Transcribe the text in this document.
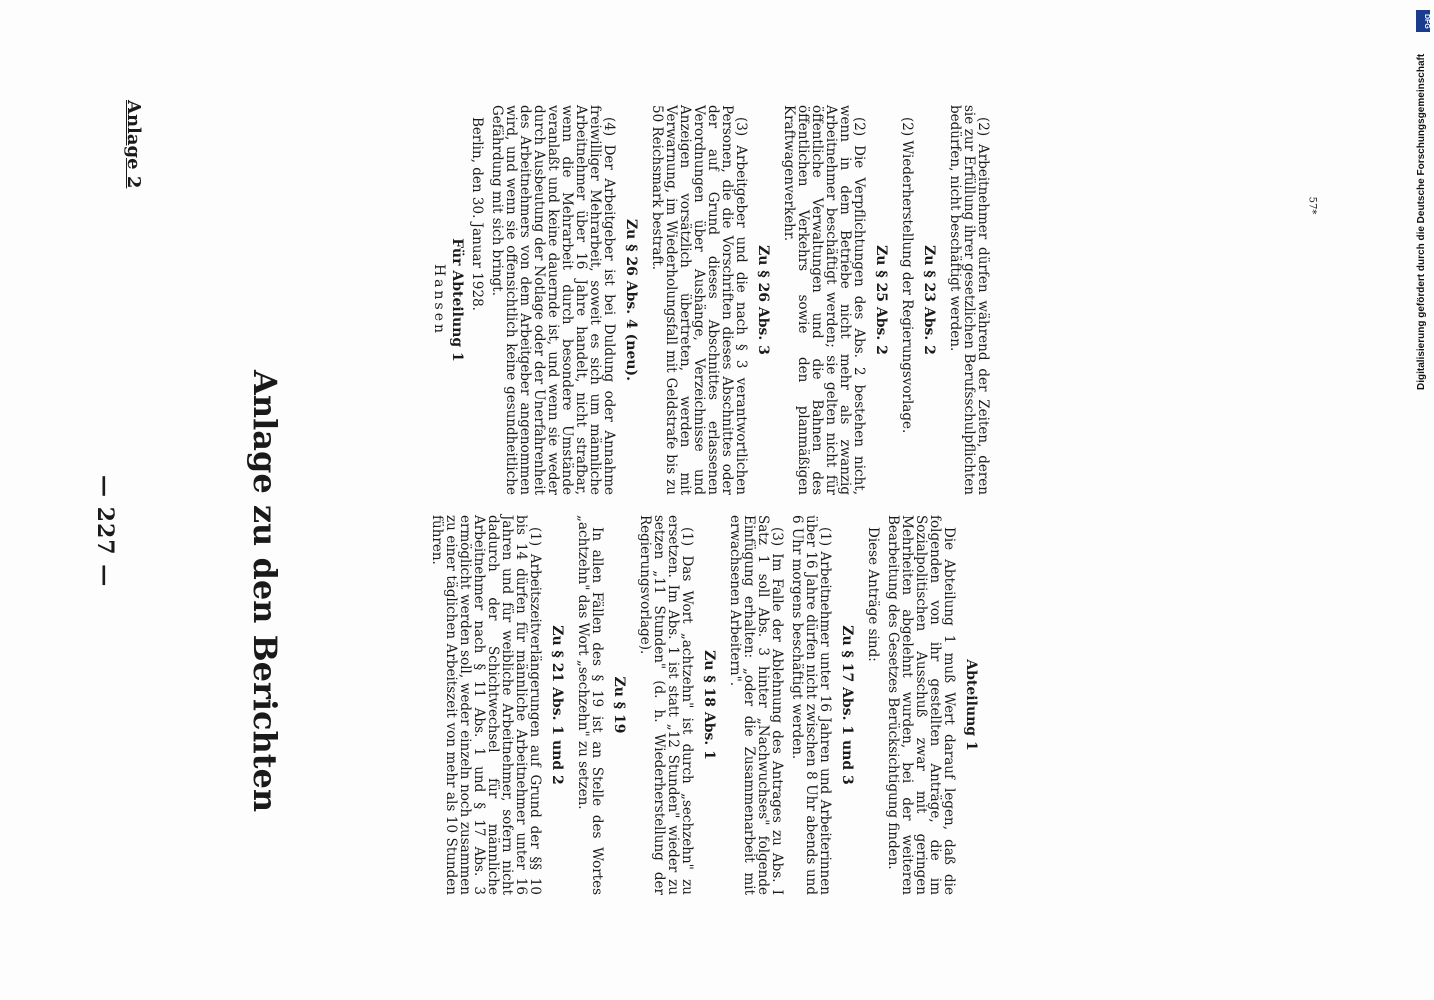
— 227 —
Anlage 2
Anlage zu den Berichten	Abteilung 1

Die Abteilung 1 muß Wert darauf legen, daß die folgenden von ihr gestellten Anträge, die im Sozialpolitischen Ausschuß zwar mit geringen Mehrheiten abgelehnt wurden, bei der weiteren Bearbeitung des Gesetzes Berücksichtigung finden.

Diese Anträge sind:

Zu § 17 Abs. 1 und 3

(1) Arbeitnehmer unter 16 Jahren und Arbeiterinnen über 16 Jahre dürfen nicht zwischen 8 Uhr abends und 6 Uhr morgens beschäftigt werden.

(3) Im Falle der Ablehnung des Antrages zu Abs. I Satz 1 soll Abs. 3 hinter „Nachwuchses" folgende Einfügung erhalten: „oder die Zusammenarbeit mit erwachsenen Arbeitern".

Zu § 18 Abs. 1

(1) Das Wort „achtzehn" ist durch „sechzehn" zu ersetzen. Im Abs. 1 ist statt „12 Stunden" wieder zu setzen „11 Stunden" (d. h. Wiederherstellung der Regierungsvorlage).

Zu § 19

In allen Fällen des § 19 ist an Stelle des Wortes „achtzehn" das Wort „sechzehn" zu setzen.

Zu § 21 Abs. 1 und 2

(1) Arbeitszeitverlängerungen auf Grund der §§ 10 bis 14 dürfen für männliche Arbeitnehmer unter 16 Jahren und für weibliche Arbeitnehmer, sofern nicht dadurch der Schichtwechsel für männliche Arbeitnehmer nach § 11 Abs. 1 und § 17 Abs. 3 ermöglicht werden soll, weder einzeln noch zusammen zu einer täglichen Arbeitszeit von mehr als 10 Stunden führen.

(2) Arbeitnehmer dürfen während der Zeiten, deren sie zur Erfüllung ihrer gesetzlichen Berufsschulpflichten bedürfen, nicht beschäftigt werden.

Zu § 23 Abs. 2

(2) Wiederherstellung der Regierungsvorlage.

Zu § 25 Abs. 2

(2) Die Verpflichtungen des Abs. 2 bestehen nicht, wenn in dem Betriebe nicht mehr als zwanzig Arbeitnehmer beschäftigt werden; sie gelten nicht für öffentliche Verwaltungen und die Bahnen des öffentlichen Verkehrs sowie den planmäßigen Kraftwagenverkehr.

Zu § 26 Abs. 3

(3) Arbeitgeber und die nach § 3 verantwortlichen Personen, die die Vorschriften dieses Abschnittes oder der auf Grund dieses Abschnittes erlassenen Verordnungen über Aushänge, Verzeichnisse und Anzeigen vorsätzlich übertreten, werden mit Verwarnung, im Wiederholungsfall mit Geldstrafe bis zu 50 Reichsmark bestraft.

Zu § 26 Abs. 4 (neu).

(4) Der Arbeitgeber ist bei Duldung oder Annahme freiwilliger Mehrarbeit, soweit es sich um männliche Arbeitnehmer über 16 Jahre handelt, nicht strafbar, wenn die Mehrarbeit durch besondere Umstände veranlaßt und keine dauernde ist, und wenn sie weder durch Ausbeutung der Notlage oder der Unerfahrenheit des Arbeitnehmers von dem Arbeitgeber angenommen wird, und wenn sie offensichtlich keine gesundheitliche Gefährdung mit sich bringt.

Berlin, den 30. Januar 1928.

Für Abteilung 1
Hansen
57*
DFG
Digitalisierung gefördert durch die Deutsche Forschungsgemeinschaft
